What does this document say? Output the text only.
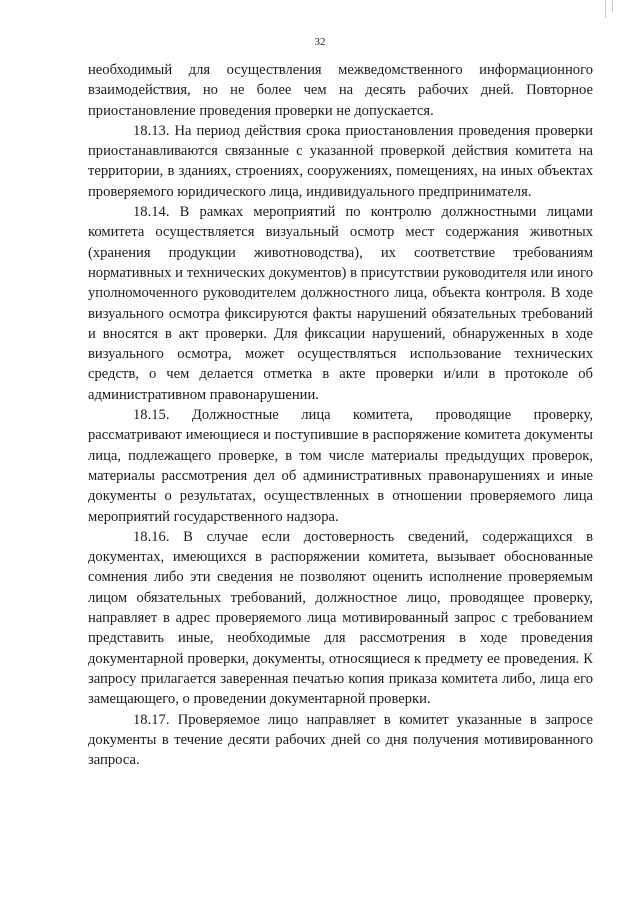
32

необходимый для осуществления межведомственного информационного взаимодействия, но не более чем на десять рабочих дней. Повторное приостановление проведения проверки не допускается.

18.13. На период действия срока приостановления проведения проверки приостанавливаются связанные с указанной проверкой действия комитета на территории, в зданиях, строениях, сооружениях, помещениях, на иных объектах проверяемого юридического лица, индивидуального предпринимателя.

18.14. В рамках мероприятий по контролю должностными лицами комитета осуществляется визуальный осмотр мест содержания животных (хранения продукции животноводства), их соответствие требованиям нормативных и технических документов) в присутствии руководителя или иного уполномоченного руководителем должностного лица, объекта контроля. В ходе визуального осмотра фиксируются факты нарушений обязательных требований и вносятся в акт проверки. Для фиксации нарушений, обнаруженных в ходе визуального осмотра, может осуществляться использование технических средств, о чем делается отметка в акте проверки и/или в протоколе об административном правонарушении.

18.15. Должностные лица комитета, проводящие проверку, рассматривают имеющиеся и поступившие в распоряжение комитета документы лица, подлежащего проверке, в том числе материалы предыдущих проверок, материалы рассмотрения дел об административных правонарушениях и иные документы о результатах, осуществленных в отношении проверяемого лица мероприятий государственного надзора.

18.16. В случае если достоверность сведений, содержащихся в документах, имеющихся в распоряжении комитета, вызывает обоснованные сомнения либо эти сведения не позволяют оценить исполнение проверяемым лицом обязательных требований, должностное лицо, проводящее проверку, направляет в адрес проверяемого лица мотивированный запрос с требованием представить иные, необходимые для рассмотрения в ходе проведения документарной проверки, документы, относящиеся к предмету ее проведения. К запросу прилагается заверенная печатью копия приказа комитета либо, лица его замещающего, о проведении документарной проверки.

18.17. Проверяемое лицо направляет в комитет указанные в запросе документы в течение десяти рабочих дней со дня получения мотивированного запроса.
